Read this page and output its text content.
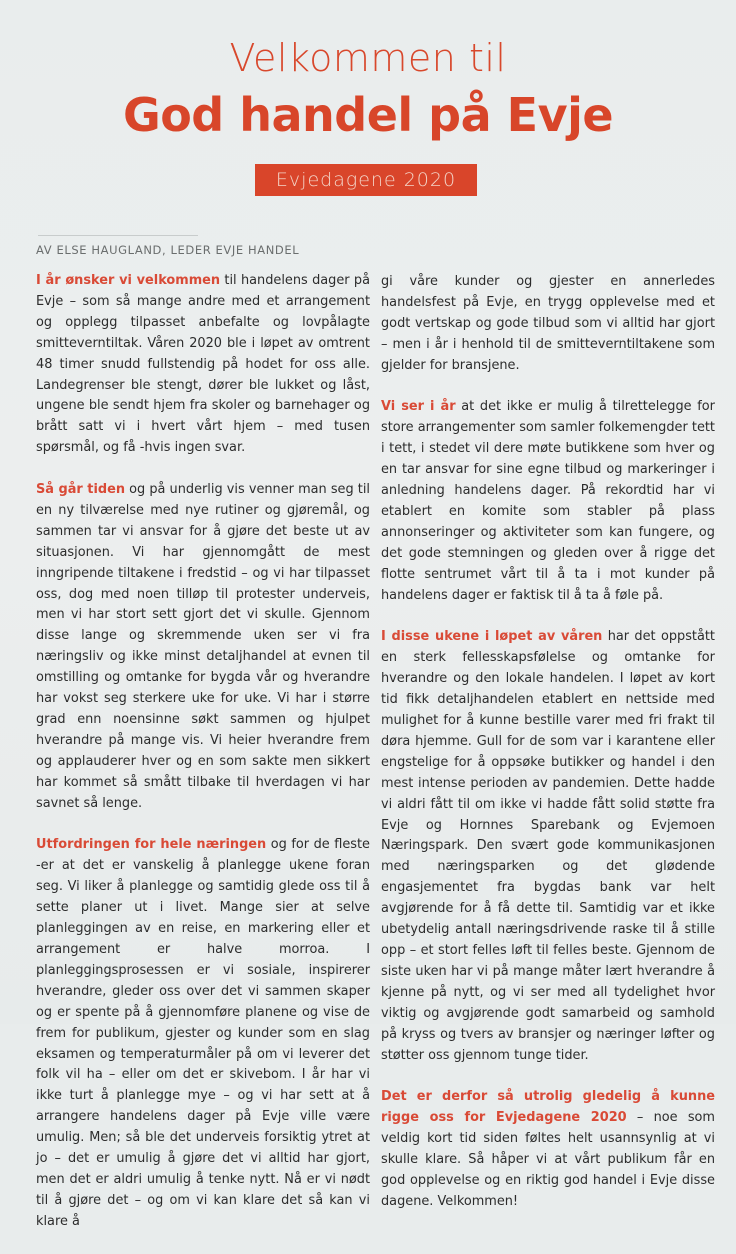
Velkommen til
God handel på Evje
Evjedagene 2020
AV ELSE HAUGLAND, LEDER EVJE HANDEL

I år ønsker vi velkommen til handelens dager på Evje – som så mange andre med et arrangement og opplegg tilpasset anbefalte og lovpålagte smitteverntiltak. Våren 2020 ble i løpet av omtrent 48 timer snudd fullstendig på hodet for oss alle. Landegrenser ble stengt, dører ble lukket og låst, ungene ble sendt hjem fra skoler og barnehager og brått satt vi i hvert vårt hjem – med tusen spørsmål, og få -hvis ingen svar.

Så går tiden og på underlig vis venner man seg til en ny tilværelse med nye rutiner og gjøremål, og sammen tar vi ansvar for å gjøre det beste ut av situasjonen. Vi har gjennomgått de mest inngripende tiltakene i fredstid – og vi har tilpasset oss, dog med noen tilløp til protester underveis, men vi har stort sett gjort det vi skulle. Gjennom disse lange og skremmende uken ser vi fra næringsliv og ikke minst detaljhandel at evnen til omstilling og omtanke for bygda vår og hverandre har vokst seg sterkere uke for uke. Vi har i større grad enn noensinne søkt sammen og hjulpet hverandre på mange vis. Vi heier hverandre frem og applauderer hver og en som sakte men sikkert har kommet så smått tilbake til hverdagen vi har savnet så lenge.

Utfordringen for hele næringen og for de fleste -er at det er vanskelig å planlegge ukene foran seg. Vi liker å planlegge og samtidig glede oss til å sette planer ut i livet. Mange sier at selve planleggingen av en reise, en markering eller et arrangement er halve morroa. I planleggingsprosessen er vi sosiale, inspirerer hverandre, gleder oss over det vi sammen skaper og er spente på å gjennomføre planene og vise de frem for publikum, gjester og kunder som en slag eksamen og temperaturmåler på om vi leverer det folk vil ha – eller om det er skivebom. I år har vi ikke turt å planlegge mye – og vi har sett at å arrangere handelens dager på Evje ville være umulig. Men; så ble det underveis forsiktig ytret at jo – det er umulig å gjøre det vi alltid har gjort, men det er aldri umulig å tenke nytt. Nå er vi nødt til å gjøre det – og om vi kan klare det så kan vi klare å

gi våre kunder og gjester en annerledes handelsfest på Evje, en trygg opplevelse med et godt vertskap og gode tilbud som vi alltid har gjort – men i år i henhold til de smitteverntiltakene som gjelder for bransjene.

Vi ser i år at det ikke er mulig å tilrettelegge for store arrangementer som samler folkemengder tett i tett, i stedet vil dere møte butikkene som hver og en tar ansvar for sine egne tilbud og markeringer i anledning handelens dager. På rekordtid har vi etablert en komite som stabler på plass annonseringer og aktiviteter som kan fungere, og det gode stemningen og gleden over å rigge det flotte sentrumet vårt til å ta i mot kunder på handelens dager er faktisk til å ta å føle på.

I disse ukene i løpet av våren har det oppstått en sterk fellesskapsfølelse og omtanke for hverandre og den lokale handelen. I løpet av kort tid fikk detaljhandelen etablert en nettside med mulighet for å kunne bestille varer med fri frakt til døra hjemme. Gull for de som var i karantene eller engstelige for å oppsøke butikker og handel i den mest intense perioden av pandemien. Dette hadde vi aldri fått til om ikke vi hadde fått solid støtte fra Evje og Hornnes Sparebank og Evjemoen Næringspark. Den svært gode kommunikasjonen med næringsparken og det glødende engasjementet fra bygdas bank var helt avgjørende for å få dette til. Samtidig var et ikke ubetydelig antall næringsdrivende raske til å stille opp – et stort felles løft til felles beste. Gjennom de siste uken har vi på mange måter lært hverandre å kjenne på nytt, og vi ser med all tydelighet hvor viktig og avgjørende godt samarbeid og samhold på kryss og tvers av bransjer og næringer løfter og støtter oss gjennom tunge tider.

Det er derfor så utrolig gledelig å kunne rigge oss for Evjedagene 2020 – noe som veldig kort tid siden føltes helt usannsynlig at vi skulle klare. Så håper vi at vårt publikum får en god opplevelse og en riktig god handel i Evje disse dagene. Velkommen!
